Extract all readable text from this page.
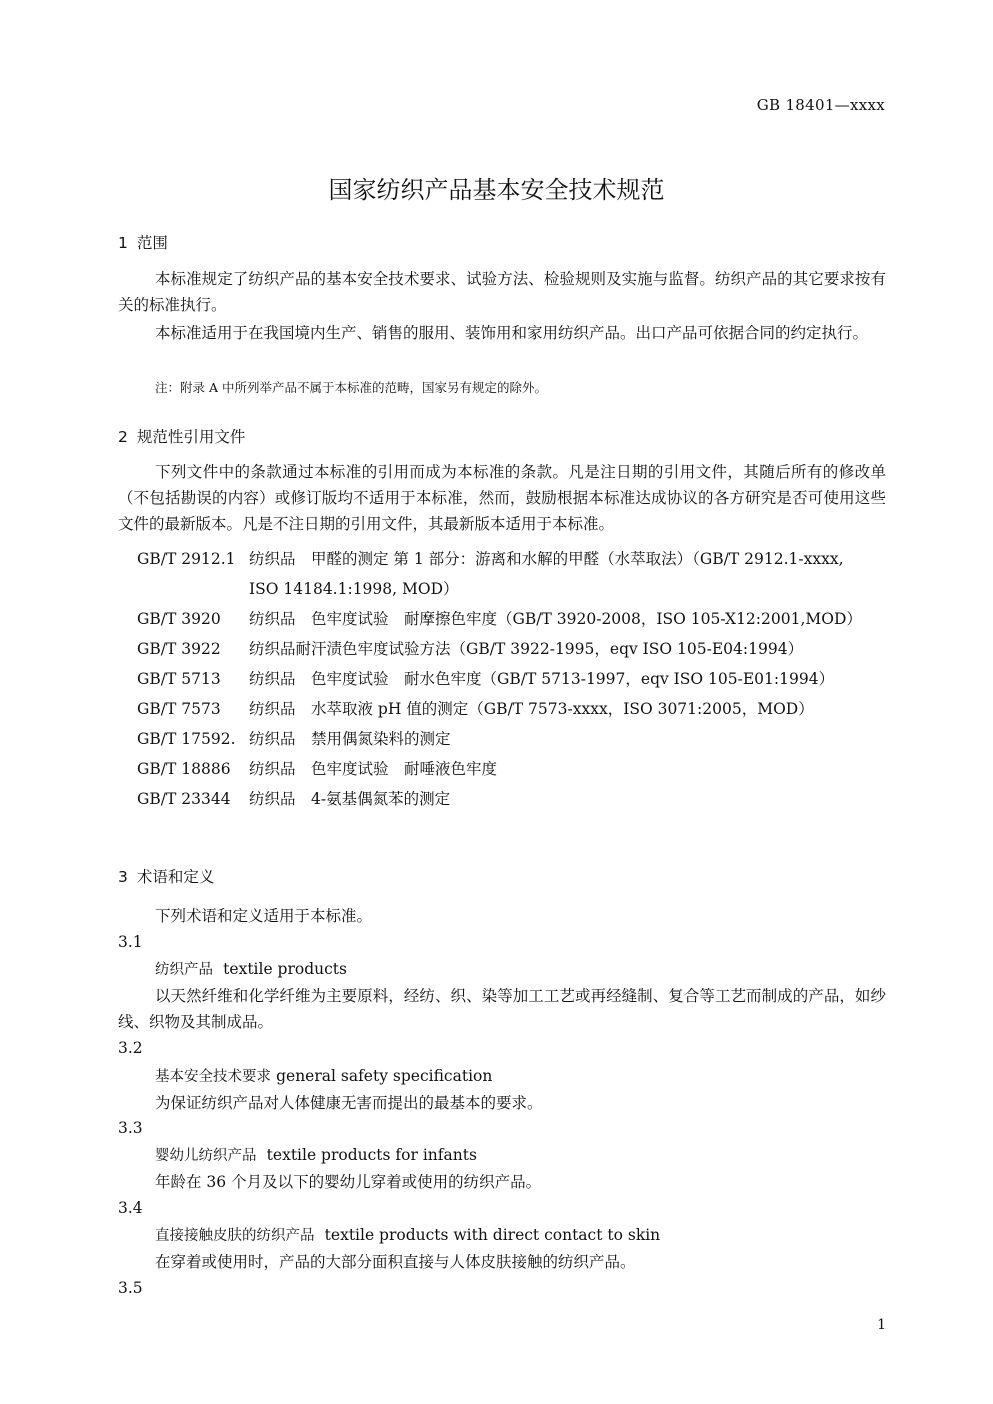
GB 18401—xxxx
国家纺织产品基本安全技术规范
1 范围
本标准规定了纺织产品的基本安全技术要求、试验方法、检验规则及实施与监督。纺织产品的其它要求按有关的标准执行。
本标准适用于在我国境内生产、销售的服用、装饰用和家用纺织产品。出口产品可依据合同的约定执行。
注：附录 A 中所列举产品不属于本标准的范畴，国家另有规定的除外。
2 规范性引用文件
下列文件中的条款通过本标准的引用而成为本标准的条款。凡是注日期的引用文件，其随后所有的修改单（不包括勘误的内容）或修订版均不适用于本标准，然而，鼓励根据本标准达成协议的各方研究是否可使用这些文件的最新版本。凡是不注日期的引用文件，其最新版本适用于本标准。
GB/T 2912.1 纺织品　甲醛的测定 第 1 部分：游离和水解的甲醛（水萃取法）（GB/T 2912.1-xxxx,
ISO 14184.1:1998, MOD）
GB/T 3920 纺织品　色牢度试验　耐摩擦色牢度（GB/T 3920-2008，ISO 105-X12:2001,MOD）
GB/T 3922 纺织品耐汗渍色牢度试验方法（GB/T 3922-1995，eqv ISO 105-E04:1994）
GB/T 5713 纺织品　色牢度试验　耐水色牢度（GB/T 5713-1997，eqv ISO 105-E01:1994）
GB/T 7573 纺织品　水萃取液 pH 值的测定（GB/T 7573-xxxx，ISO 3071:2005，MOD）
GB/T 17592. 纺织品　禁用偶氮染料的测定
GB/T 18886 纺织品　色牢度试验　耐唾液色牢度
GB/T 23344 纺织品　4-氨基偶氮苯的测定
3 术语和定义
下列术语和定义适用于本标准。
3.1
纺织产品 textile products
以天然纤维和化学纤维为主要原料，经纺、织、染等加工工艺或再经缝制、复合等工艺而制成的产品，如纱线、织物及其制成品。
3.2
基本安全技术要求 general safety specification
为保证纺织产品对人体健康无害而提出的最基本的要求。
3.3
婴幼儿纺织产品 textile products for infants
年龄在 36 个月及以下的婴幼儿穿着或使用的纺织产品。
3.4
直接接触皮肤的纺织产品 textile products with direct contact to skin
在穿着或使用时，产品的大部分面积直接与人体皮肤接触的纺织产品。
3.5
1
